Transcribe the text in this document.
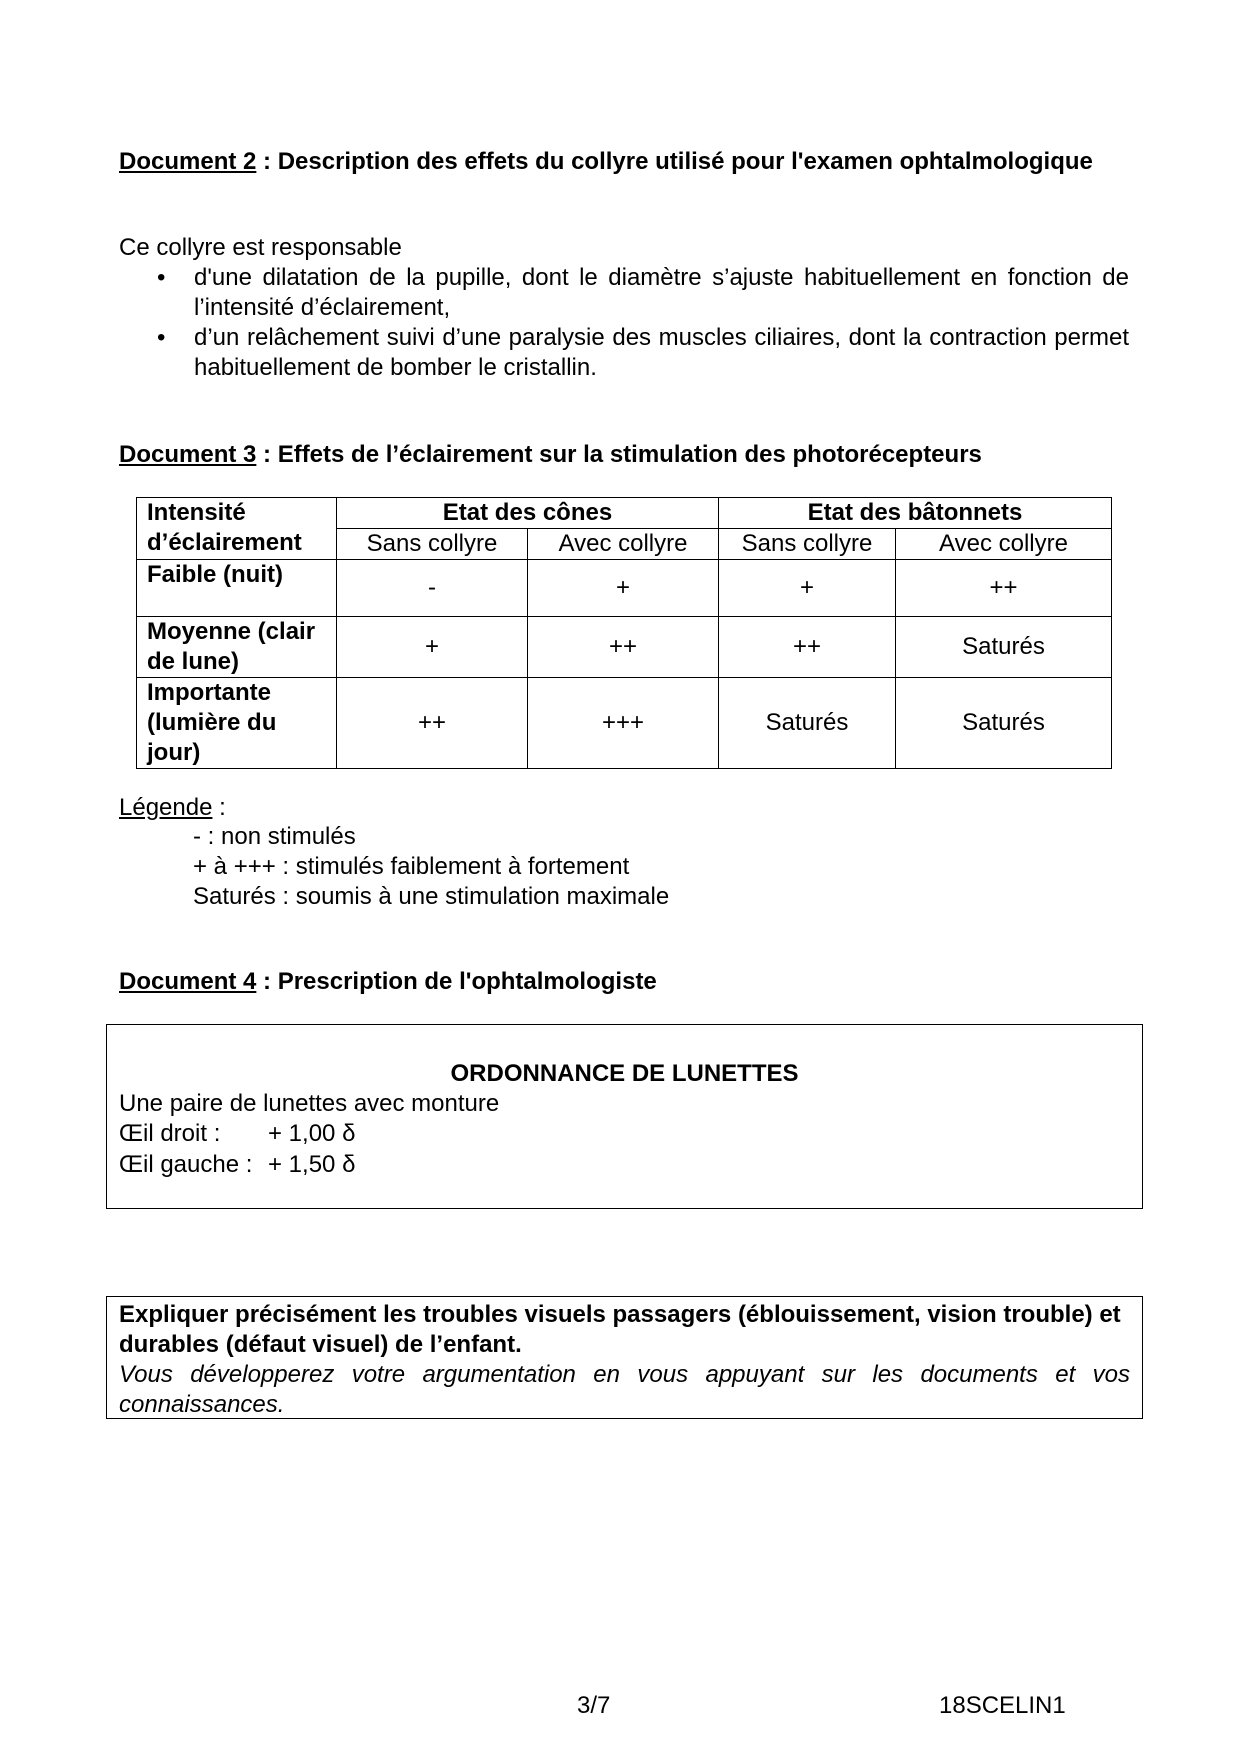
Document 2 : Description des effets du collyre utilisé pour l'examen ophtalmologique
Ce collyre est responsable
• d'une dilatation de la pupille, dont le diamètre s’ajuste habituellement en fonction de l’intensité d’éclairement,
• d’un relâchement suivi d’une paralysie des muscles ciliaires, dont la contraction permet habituellement de bomber le cristallin.
Document 3 : Effets de l’éclairement sur la stimulation des photorécepteurs
Intensité d’éclairement	Etat des cônes		Etat des bâtonnets	
	Sans collyre	Avec collyre	Sans collyre	Avec collyre
Faible (nuit)	-	+	+	++
Moyenne (clair de lune)	+	++	++	Saturés
Importante (lumière du jour)	++	+++	Saturés	Saturés
Légende :
- : non stimulés
+ à +++ : stimulés faiblement à fortement
Saturés : soumis à une stimulation maximale
Document 4 : Prescription de l'ophtalmologiste
ORDONNANCE DE LUNETTES
Une paire de lunettes avec monture
Œil droit : + 1,00 δ
Œil gauche : + 1,50 δ
Expliquer précisément les troubles visuels passagers (éblouissement, vision trouble) et durables (défaut visuel) de l’enfant.
Vous développerez votre argumentation en vous appuyant sur les documents et vos connaissances.
3/7	18SCELIN1
